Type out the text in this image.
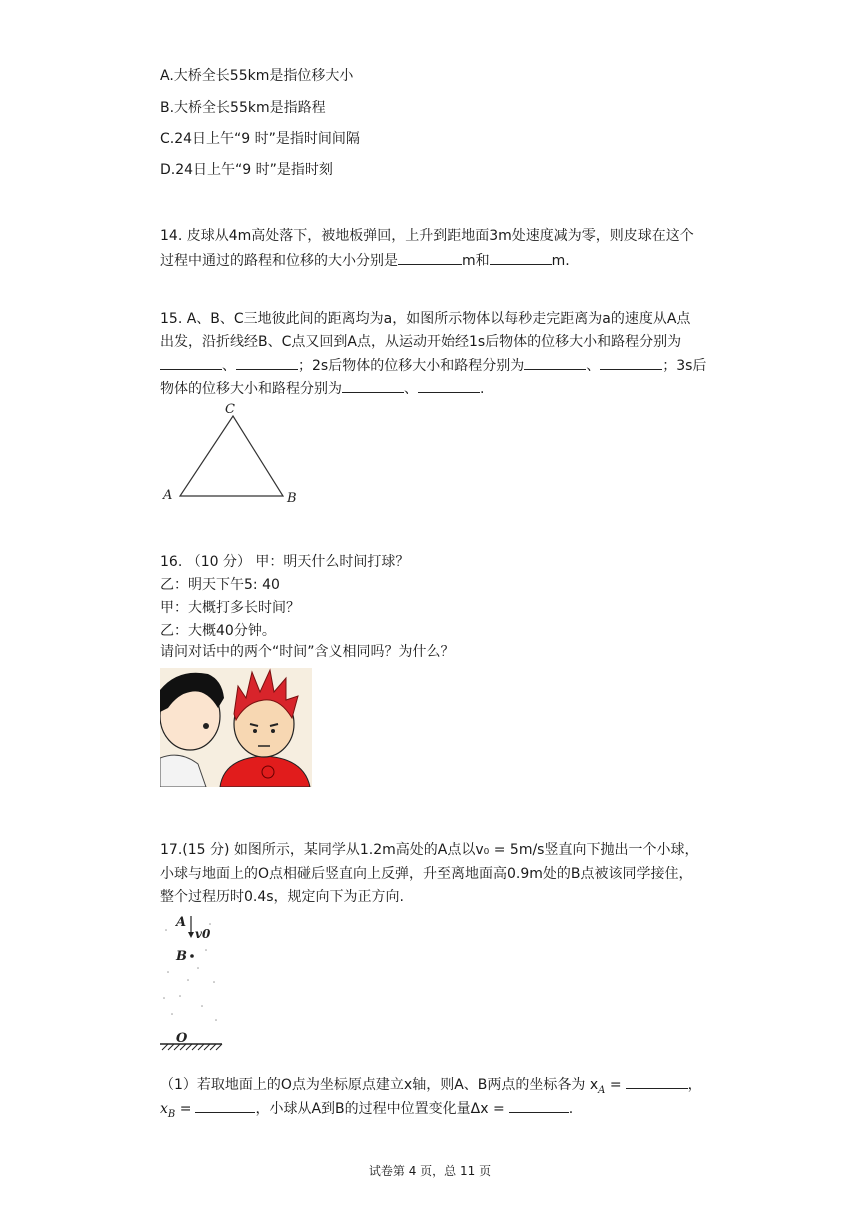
A.大桥全长55km是指位移大小
B.大桥全长55km是指路程
C.24日上午“9 时”是指时间间隔
D.24日上午“9 时”是指时刻
14. 皮球从4m高处落下，被地板弹回，上升到距地面3m处速度减为零，则皮球在这个
过程中通过的路程和位移的大小分别是	m和	m.
15. A、B、C三地彼此间的距离均为a，如图所示物体以每秒走完距离为a的速度从A点
出发，沿折线经B、C点又回到A点，从运动开始经1s后物体的位移大小和路程分别为
、	；2s后物体的位移大小和路程分别为	、	；3s后
物体的位移大小和路程分别为	、	.
C
A	B
16. （10 分） 甲：明天什么时间打球？
乙：明天下午5: 40
甲：大概打多长时间？
乙：大概40分钟。
请问对话中的两个“时间”含义相同吗？为什么？
17.(15 分) 如图所示，某同学从1.2m高处的A点以v₀ = 5m/s竖直向下抛出一个小球，
小球与地面上的O点相碰后竖直向上反弹，升至离地面高0.9m处的B点被该同学接住，
整个过程历时0.4s，规定向下为正方向.
A
v0
B
O
（1）若取地面上的O点为坐标原点建立x轴，则A、B两点的坐标各为 $x_A$ =	，
$x_B$ =	，小球从A到B的过程中位置变化量Δx =	.
试卷第 4 页，总 11 页
